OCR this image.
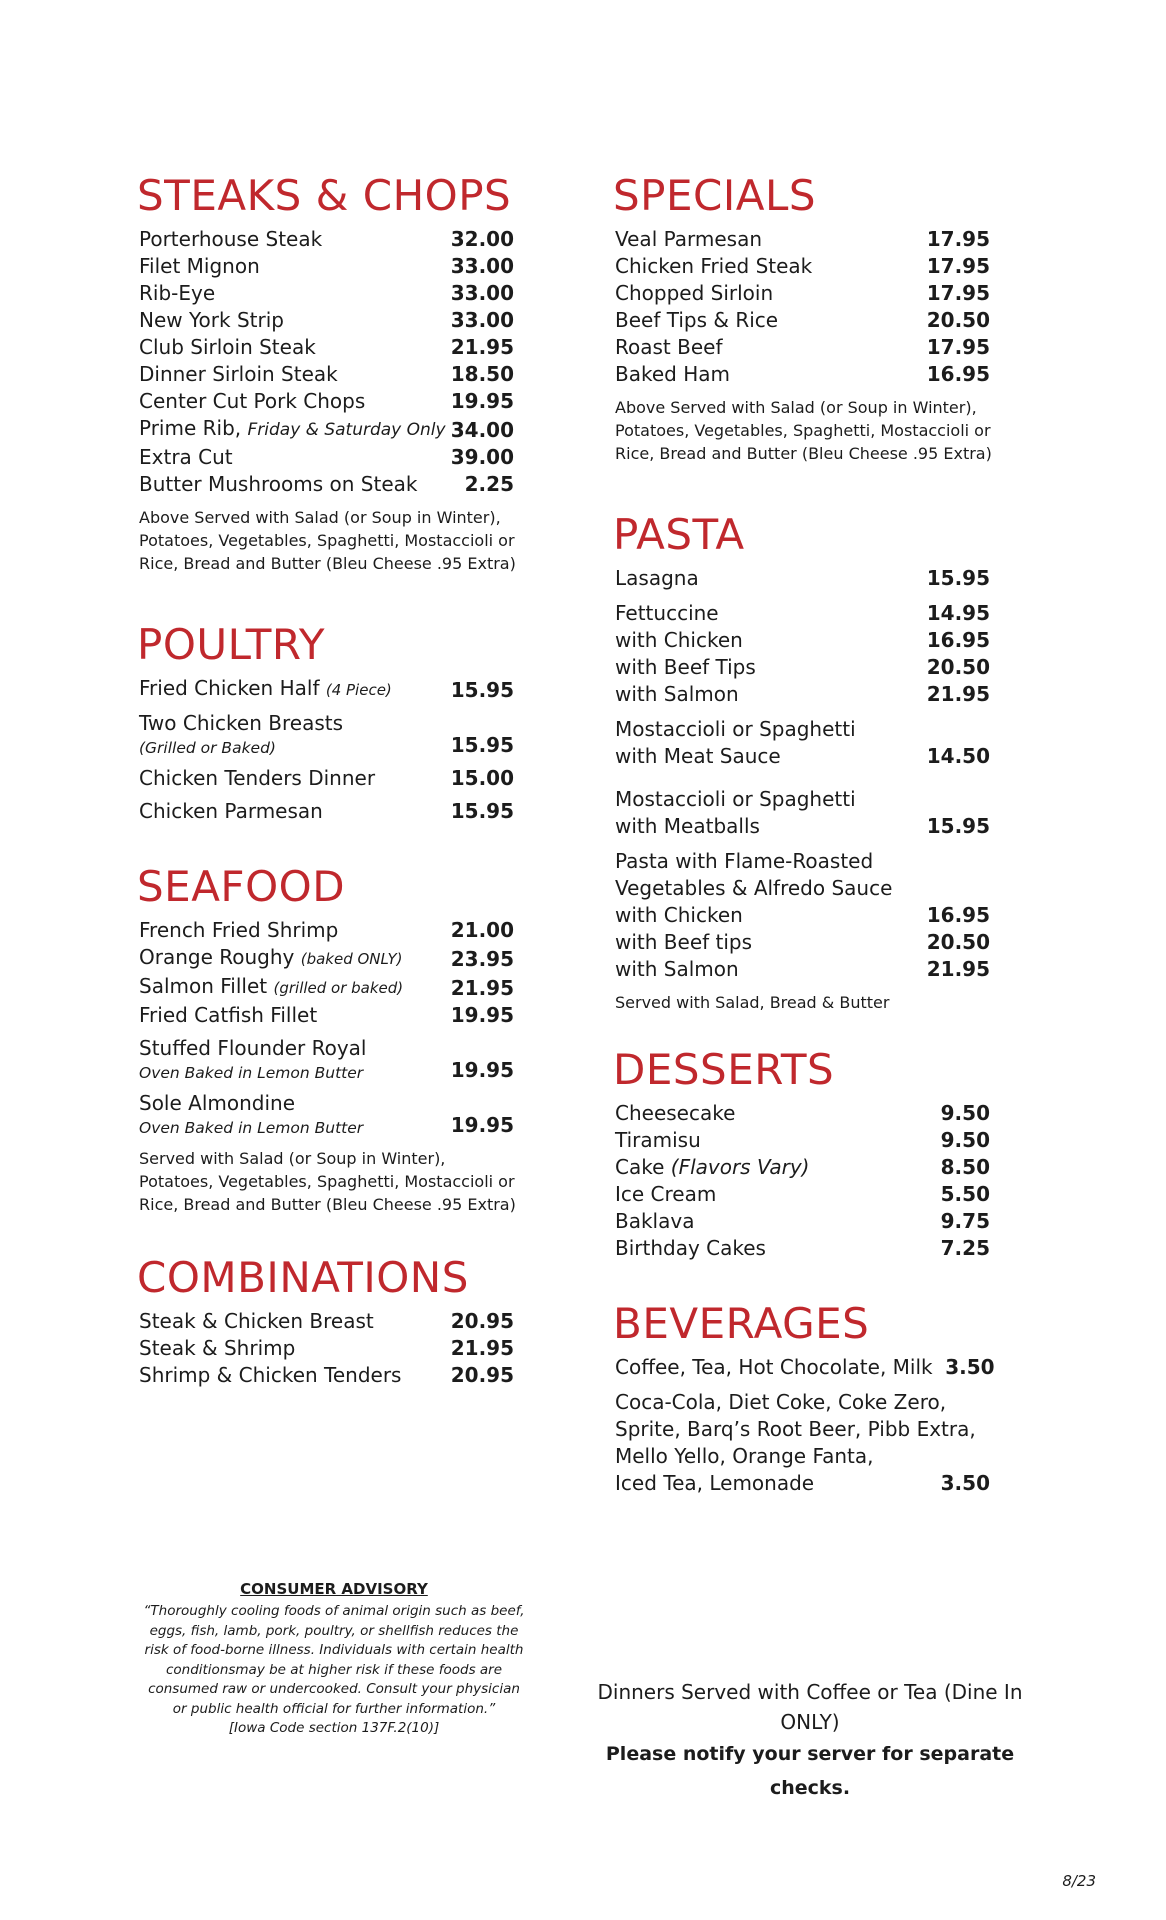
STEAKS & CHOPS
Porterhouse Steak	32.00
Filet Mignon	33.00
Rib-Eye	33.00
New York Strip	33.00
Club Sirloin Steak	21.95
Dinner Sirloin Steak	18.50
Center Cut Pork Chops	19.95
Prime Rib, Friday & Saturday Only 34.00
Extra Cut	39.00
Butter Mushrooms on Steak	2.25
Above Served with Salad (or Soup in Winter),
Potatoes, Vegetables, Spaghetti, Mostaccioli or
Rice, Bread and Butter (Bleu Cheese .95 Extra)
POULTRY
Fried Chicken Half (4 Piece)	15.95
Two Chicken Breasts
(Grilled or Baked)	15.95
Chicken Tenders Dinner	15.00
Chicken Parmesan	15.95
SEAFOOD
French Fried Shrimp	21.00
Orange Roughy (baked ONLY)	23.95
Salmon Fillet (grilled or baked)	21.95
Fried Catfish Fillet	19.95
Stuffed Flounder Royal
Oven Baked in Lemon Butter	19.95
Sole Almondine
Oven Baked in Lemon Butter	19.95
Served with Salad (or Soup in Winter),
Potatoes, Vegetables, Spaghetti, Mostaccioli or
Rice, Bread and Butter (Bleu Cheese .95 Extra)
COMBINATIONS
Steak & Chicken Breast	20.95
Steak & Shrimp	21.95
Shrimp & Chicken Tenders	20.95
CONSUMER ADVISORY
“Thoroughly cooling foods of animal origin such as beef,
eggs, fish, lamb, pork, poultry, or shellfish reduces the
risk of food-borne illness. Individuals with certain health
conditionsmay be at higher risk if these foods are
consumed raw or undercooked. Consult your physician
or public health official for further information.”
[Iowa Code section 137F.2(10)]
SPECIALS
Veal Parmesan	17.95
Chicken Fried Steak	17.95
Chopped Sirloin	17.95
Beef Tips & Rice	20.50
Roast Beef	17.95
Baked Ham	16.95
Above Served with Salad (or Soup in Winter),
Potatoes, Vegetables, Spaghetti, Mostaccioli or
Rice, Bread and Butter (Bleu Cheese .95 Extra)
PASTA
Lasagna	15.95
Fettuccine	14.95
with Chicken	16.95
with Beef Tips	20.50
with Salmon	21.95
Mostaccioli or Spaghetti
with Meat Sauce	14.50
Mostaccioli or Spaghetti
with Meatballs	15.95
Pasta with Flame-Roasted
Vegetables & Alfredo Sauce
with Chicken	16.95
with Beef tips	20.50
with Salmon	21.95
Served with Salad, Bread & Butter
DESSERTS
Cheesecake	9.50
Tiramisu	9.50
Cake (Flavors Vary)	8.50
Ice Cream	5.50
Baklava	9.75
Birthday Cakes	7.25
BEVERAGES
Coffee, Tea, Hot Chocolate, Milk 3.50
Coca-Cola, Diet Coke, Coke Zero,
Sprite, Barq’s Root Beer, Pibb Extra,
Mello Yello, Orange Fanta,
Iced Tea, Lemonade	3.50
Dinners Served with Coffee or Tea (Dine In ONLY)
Please notify your server for separate checks.
8/23
